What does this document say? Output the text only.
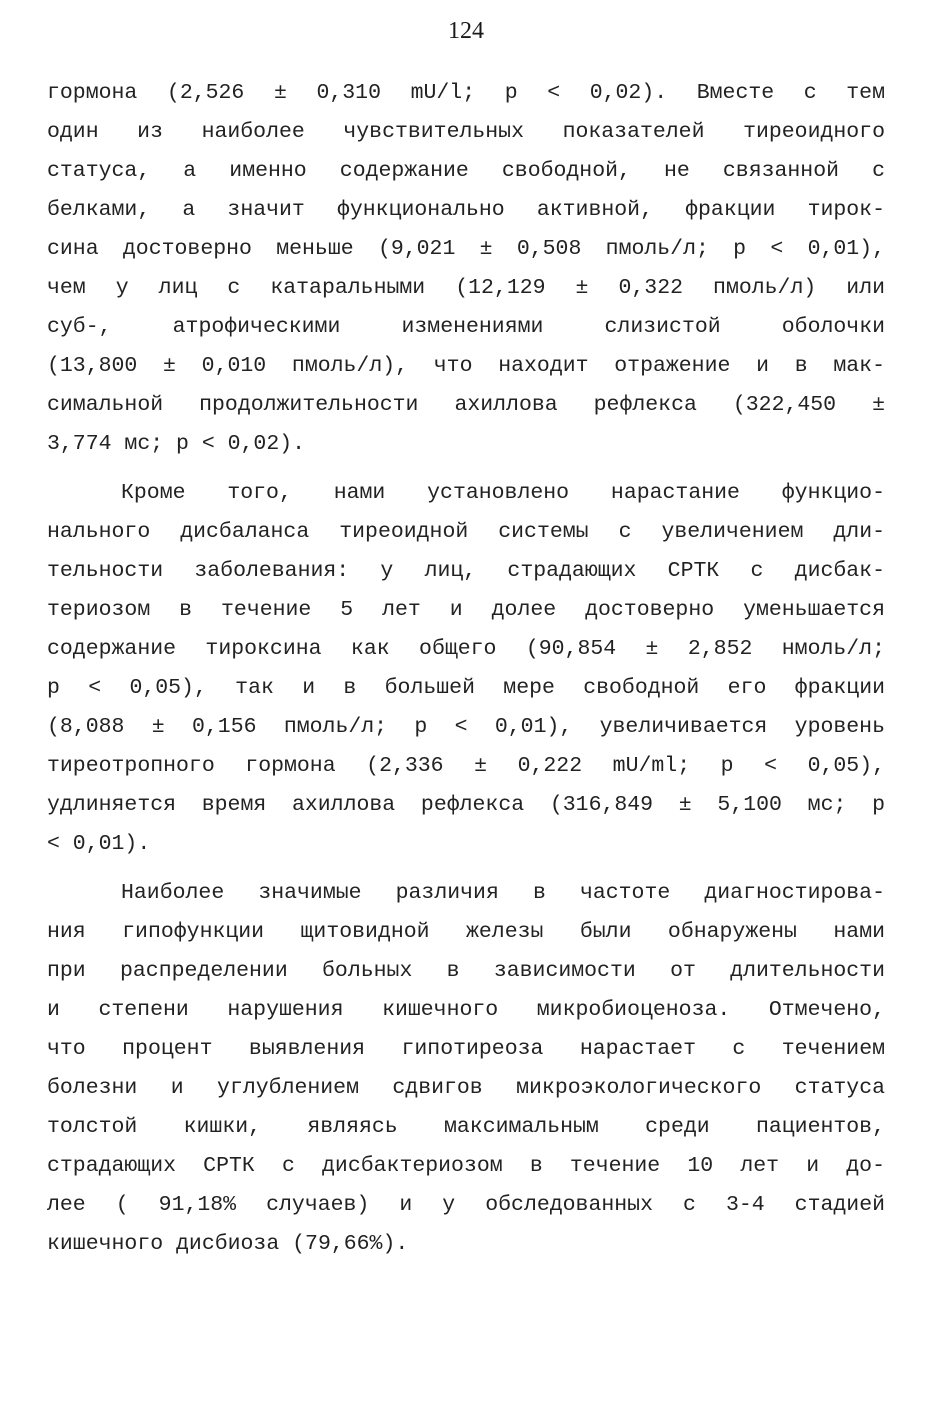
124
гормона (2,526 ± 0,310 mU/l; p < 0,02). Вместе с тем
один из наиболее чувствительных показателей тиреоидного
статуса, а именно содержание свободной, не связанной с
белками, а значит функционально активной, фракции тирок-
сина достоверно меньше (9,021 ± 0,508 пмоль/л; p < 0,01),
чем у лиц с катаральными (12,129 ± 0,322 пмоль/л) или
суб-, атрофическими изменениями слизистой оболочки
(13,800 ± 0,010 пмоль/л), что находит отражение и в мак-
симальной продолжительности ахиллова рефлекса (322,450 ±
3,774 мс; p < 0,02).
Кроме того, нами установлено нарастание функцио-
нального дисбаланса тиреоидной системы с увеличением дли-
тельности заболевания: у лиц, страдающих СРТК с дисбак-
териозом в течение 5 лет и долее достоверно уменьшается
содержание тироксина как общего (90,854 ± 2,852 нмоль/л;
p < 0,05), так и в большей мере свободной его фракции
(8,088 ± 0,156 пмоль/л; p < 0,01), увеличивается уровень
тиреотропного гормона (2,336 ± 0,222 mU/ml; p < 0,05),
удлиняется время ахиллова рефлекса (316,849 ± 5,100 мс; p
< 0,01).
Наиболее значимые различия в частоте диагностирова-
ния гипофункции щитовидной железы были обнаружены нами
при распределении больных в зависимости от длительности
и степени нарушения кишечного микробиоценоза. Отмечено,
что процент выявления гипотиреоза нарастает с течением
болезни и углублением сдвигов микроэкологического статуса
толстой кишки, являясь максимальным среди пациентов,
страдающих СРТК с дисбактериозом в течение 10 лет и до-
лее ( 91,18% случаев) и у обследованных с 3-4 стадией
кишечного дисбиоза (79,66%).
